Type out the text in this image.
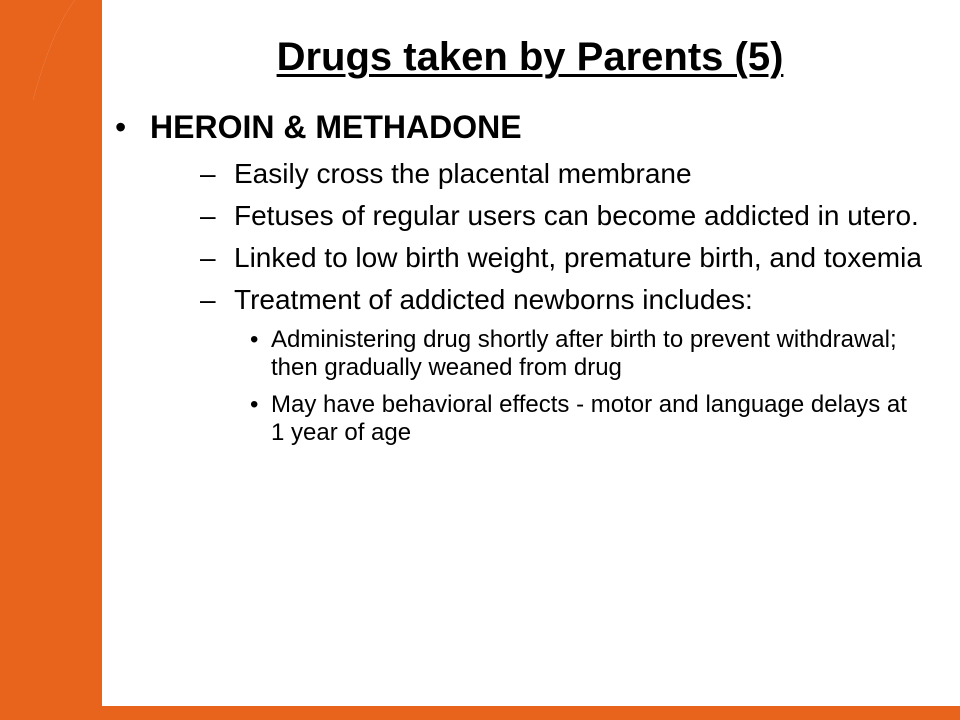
Drugs taken by Parents (5)
• HEROIN & METHADONE
– Easily cross the placental membrane
– Fetuses of regular users can become addicted in utero.
– Linked to low birth weight, premature birth, and toxemia
– Treatment of addicted newborns includes:
• Administering drug shortly after birth to prevent withdrawal; then gradually weaned from drug
• May have behavioral effects - motor and language delays at 1 year of age
